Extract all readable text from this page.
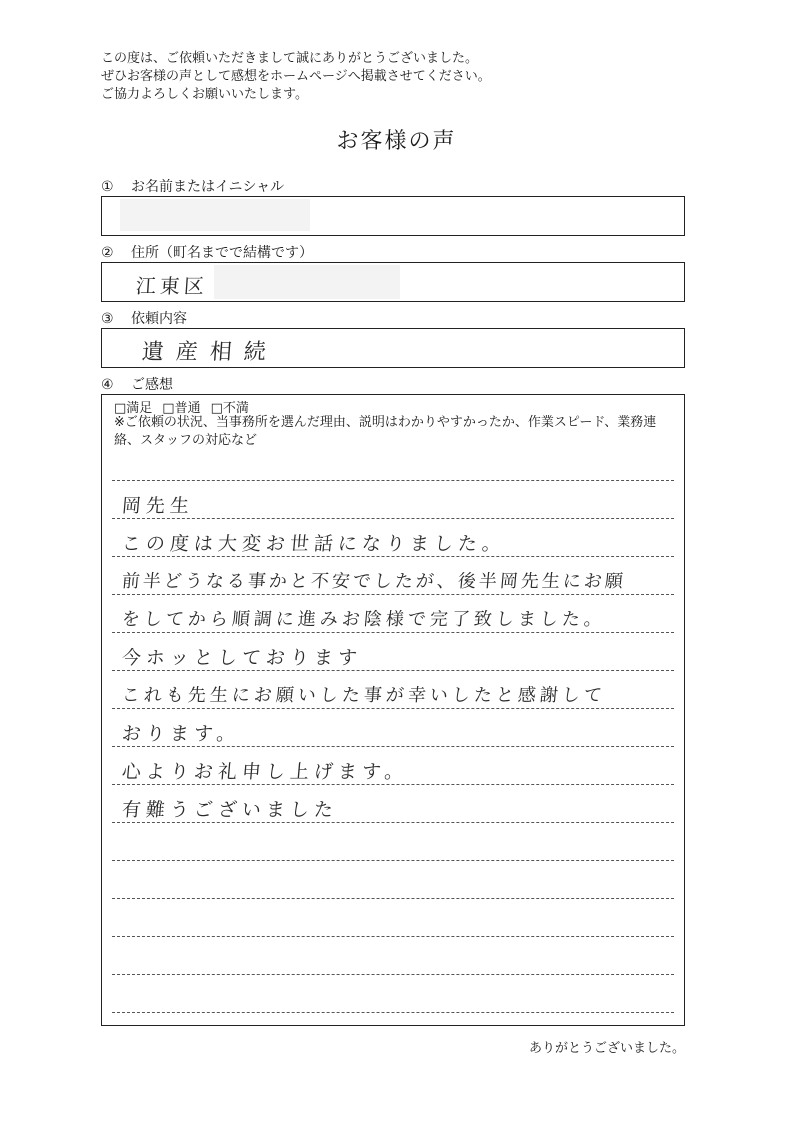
この度は、ご依頼いただきまして誠にありがとうございました。
ぜひお客様の声として感想をホームページへ掲載させてください。
ご協力よろしくお願いいたします。
お客様の声
① お名前またはイニシャル
② 住所（町名までで結構です）
江東区
③ 依頼内容
遺産相続
④ ご感想
□満足 □普通 □不満
※ご依頼の状況、当事務所を選んだ理由、説明はわかりやすかったか、作業スピード、業務連絡、スタッフの対応など
岡先生
この度は大変お世話になりました。
前半どうなる事かと不安でしたが、後半岡先生にお願
をしてから順調に進みお陰様で完了致しました。
今ホッとしております
これも先生にお願いした事が幸いしたと感謝して
おります。
心よりお礼申し上げます。
有難うございました
ありがとうございました。
